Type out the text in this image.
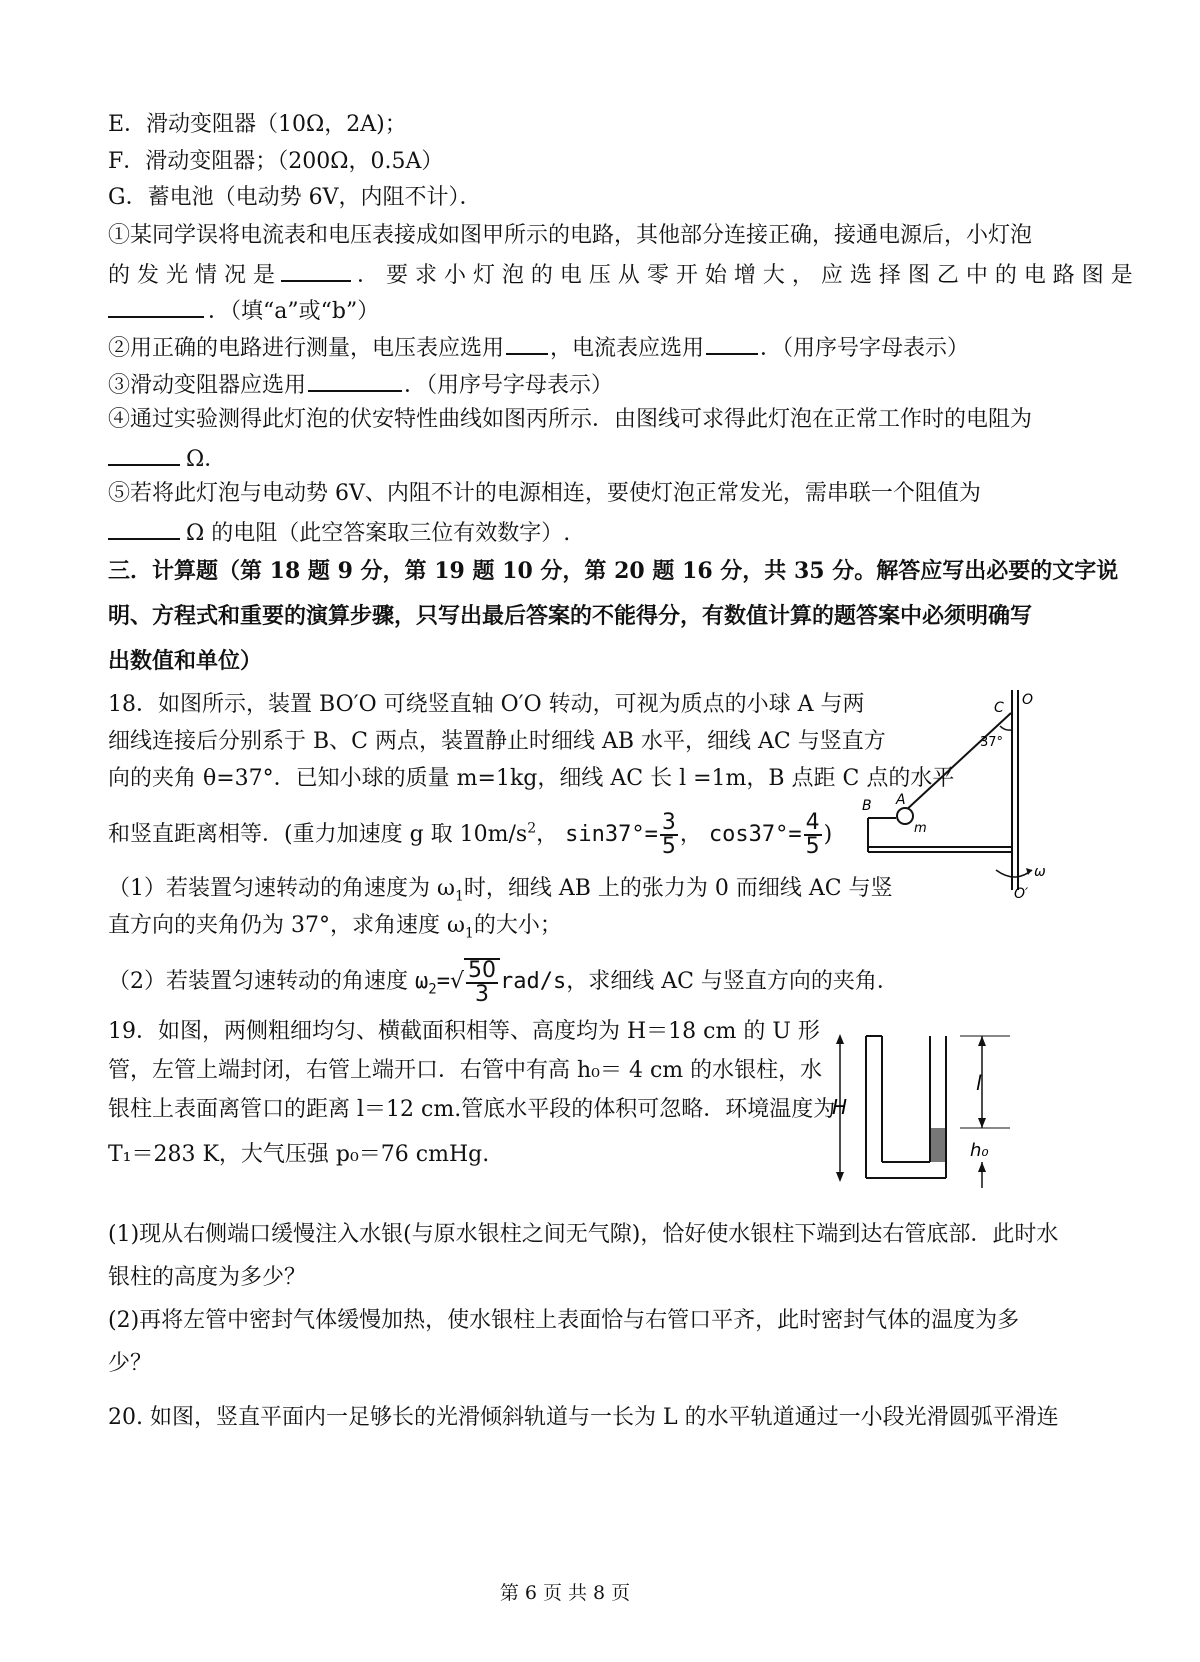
E．滑动变阻器（10Ω，2A)；
F．滑动变阻器；（200Ω，0.5A）
G．蓄电池（电动势 6V，内阻不计）．
①某同学误将电流表和电压表接成如图甲所示的电路，其他部分连接正确，接通电源后，小灯泡
的 发 光 情 况 是	． 要 求 小 灯 泡 的 电 压 从 零 开 始 增 大 ， 应 选 择 图 乙 中 的 电 路 图 是
．（填“a”或“b”）
②用正确的电路进行测量，电压表应选用 ，电流表应选用	．（用序号字母表示）
③滑动变阻器应选用	．（用序号字母表示）
④通过实验测得此灯泡的伏安特性曲线如图丙所示．由图线可求得此灯泡在正常工作时的电阻为
Ω．
⑤若将此灯泡与电动势 6V、内阻不计的电源相连，要使灯泡正常发光，需串联一个阻值为
Ω 的电阻（此空答案取三位有效数字）.
三．计算题（第 18 题 9 分，第 19 题 10 分，第 20 题 16 分，共 35 分。解答应写出必要的文字说
明、方程式和重要的演算步骤，只写出最后答案的不能得分，有数值计算的题答案中必须明确写
出数值和单位）
18．如图所示，装置 BO′O 可绕竖直轴 O′O 转动，可视为质点的小球 A 与两
细线连接后分别系于 B、C 两点，装置静止时细线 AB 水平，细线 AC 与竖直方
向的夹角 θ=37°．已知小球的质量 m=1kg，细线 AC 长 l =1m，B 点距 C 点的水平
和竖直距离相等．(重力加速度 g 取 $10m/s^2$， $\sin 37^\circ= \frac{3}{5}$ ， $\cos 37^\circ= \frac{4}{5}$ )
（1）若装置匀速转动的角速度为 $\omega_1$时，细线 AB 上的张力为 0 而细线 AC 与竖
直方向的夹角仍为 37°，求角速度 $\omega_1$的大小；
（2）若装置匀速转动的角速度 $\omega_2=√ \frac{50}{3} rad/s$，求细线 AC 与竖直方向的夹角．
O
C
37°
B A
m
ω
O′
19．如图，两侧粗细均匀、横截面积相等、高度均为 H＝18 cm 的 U 形
管，左管上端封闭，右管上端开口．右管中有高 h₀＝ 4 cm 的水银柱，水
银柱上表面离管口的距离 l＝12 cm.管底水平段的体积可忽略．环境温度为
T₁＝283 K，大气压强 p₀＝76 cmHg.
H
l
h₀
(1)现从右侧端口缓慢注入水银(与原水银柱之间无气隙)，恰好使水银柱下端到达右管底部．此时水
银柱的高度为多少？
(2)再将左管中密封气体缓慢加热，使水银柱上表面恰与右管口平齐，此时密封气体的温度为多
少？
20. 如图，竖直平面内一足够长的光滑倾斜轨道与一长为 L 的水平轨道通过一小段光滑圆弧平滑连
第 6 页 共 8 页
